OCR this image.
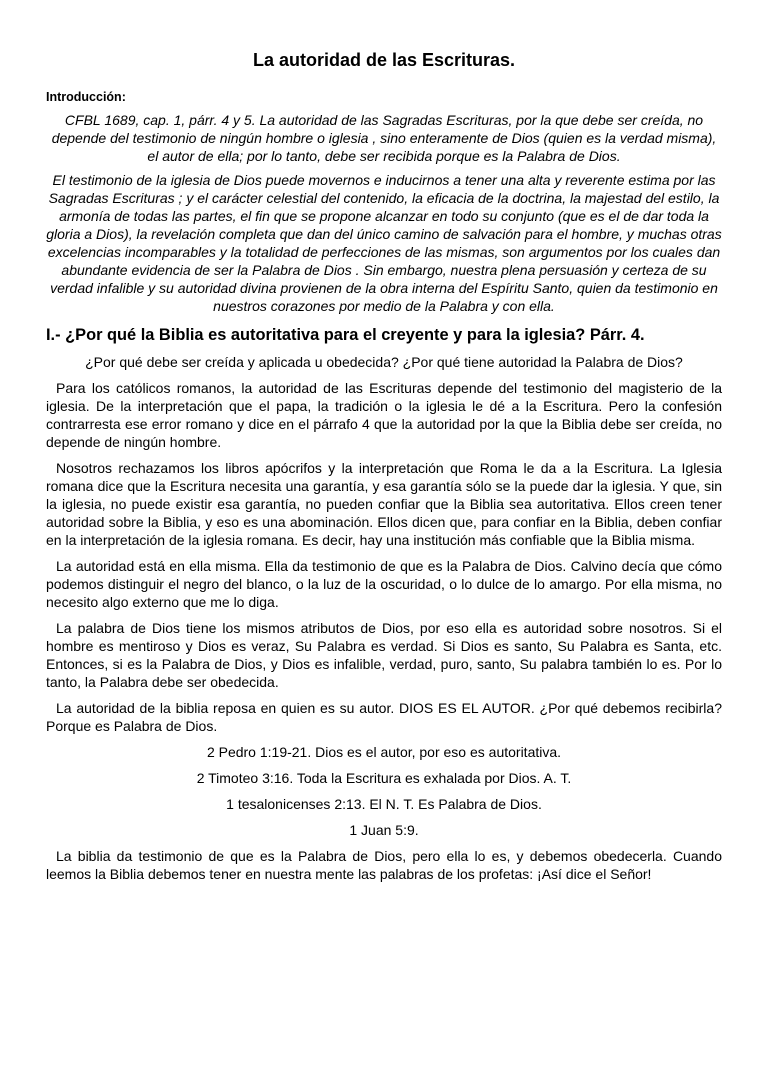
La autoridad de las Escrituras.
Introducción:

CFBL 1689, cap. 1, párr. 4 y 5. La autoridad de las Sagradas Escrituras, por la que debe ser creída, no depende del testimonio de ningún hombre o iglesia , sino enteramente de Dios (quien es la verdad misma), el autor de ella; por lo tanto, debe ser recibida porque es la Palabra de Dios.

El testimonio de la iglesia de Dios puede movernos e inducirnos a tener una alta y reverente estima por las Sagradas Escrituras ; y el carácter celestial del contenido, la eficacia de la doctrina, la majestad del estilo, la armonía de todas las partes, el fin que se propone alcanzar en todo su conjunto (que es el de dar toda la gloria a Dios), la revelación completa que dan del único camino de salvación para el hombre, y muchas otras excelencias incomparables y la totalidad de perfecciones de las mismas, son argumentos por los cuales dan abundante evidencia de ser la Palabra de Dios . Sin embargo, nuestra plena persuasión y certeza de su verdad infalible y su autoridad divina provienen de la obra interna del Espíritu Santo, quien da testimonio en nuestros corazones por medio de la Palabra y con ella.

I.- ¿Por qué la Biblia es autoritativa para el creyente y para la iglesia? Párr. 4.

¿Por qué debe ser creída y aplicada u obedecida? ¿Por qué tiene autoridad la Palabra de Dios?

Para los católicos romanos, la autoridad de las Escrituras depende del testimonio del magisterio de la iglesia. De la interpretación que el papa, la tradición o la iglesia le dé a la Escritura. Pero la confesión contrarresta ese error romano y dice en el párrafo 4 que la autoridad por la que la Biblia debe ser creída, no depende de ningún hombre.

Nosotros rechazamos los libros apócrifos y la interpretación que Roma le da a la Escritura. La Iglesia romana dice que la Escritura necesita una garantía, y esa garantía sólo se la puede dar la iglesia. Y que, sin la iglesia, no puede existir esa garantía, no pueden confiar que la Biblia sea autoritativa. Ellos creen tener autoridad sobre la Biblia, y eso es una abominación. Ellos dicen que, para confiar en la Biblia, deben confiar en la interpretación de la iglesia romana. Es decir, hay una institución más confiable que la Biblia misma.

La autoridad está en ella misma. Ella da testimonio de que es la Palabra de Dios. Calvino decía que cómo podemos distinguir el negro del blanco, o la luz de la oscuridad, o lo dulce de lo amargo. Por ella misma, no necesito algo externo que me lo diga.

La palabra de Dios tiene los mismos atributos de Dios, por eso ella es autoridad sobre nosotros. Si el hombre es mentiroso y Dios es veraz, Su Palabra es verdad. Si Dios es santo, Su Palabra es Santa, etc. Entonces, si es la Palabra de Dios, y Dios es infalible, verdad, puro, santo, Su palabra también lo es. Por lo tanto, la Palabra debe ser obedecida.

La autoridad de la biblia reposa en quien es su autor. DIOS ES EL AUTOR. ¿Por qué debemos recibirla? Porque es Palabra de Dios.

2 Pedro 1:19-21. Dios es el autor, por eso es autoritativa.

2 Timoteo 3:16. Toda la Escritura es exhalada por Dios. A. T.

1 tesalonicenses 2:13. El N. T. Es Palabra de Dios.

1 Juan 5:9.

La biblia da testimonio de que es la Palabra de Dios, pero ella lo es, y debemos obedecerla. Cuando leemos la Biblia debemos tener en nuestra mente las palabras de los profetas: ¡Así dice el Señor!
